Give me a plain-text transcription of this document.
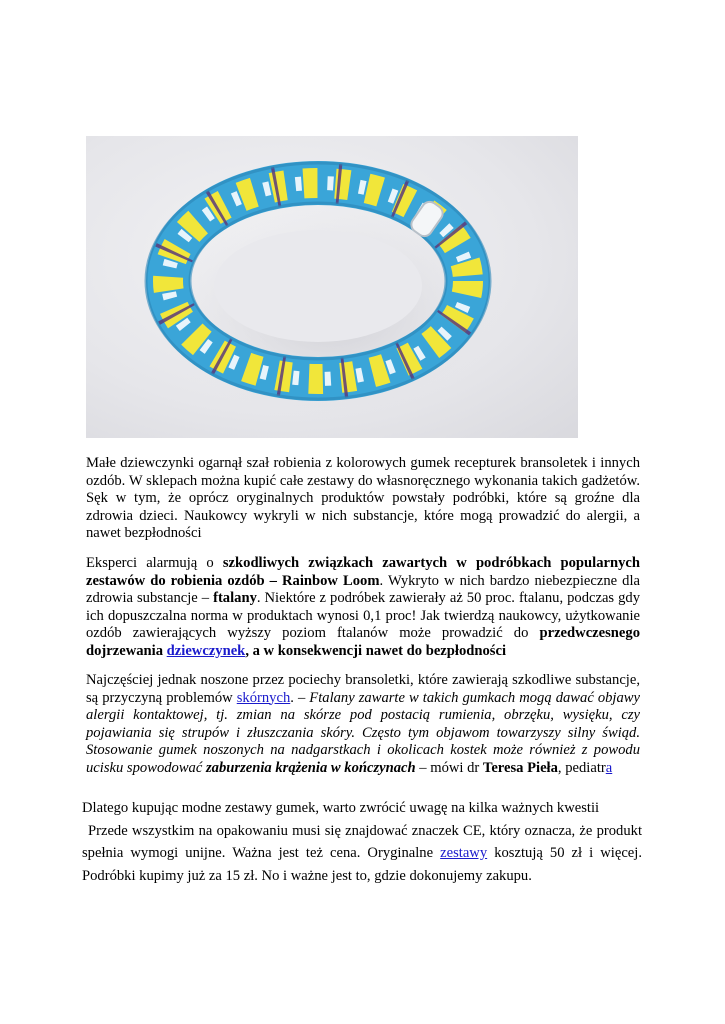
Małe dziewczynki ogarnął szał robienia z kolorowych gumek recepturek bransoletek i innych ozdób. W sklepach można kupić całe zestawy do własnoręcznego wykonania takich gadżetów. Sęk w tym, że oprócz oryginalnych produktów powstały podróbki, które są groźne dla zdrowia dzieci. Naukowcy wykryli w nich substancje, które mogą prowadzić do alergii, a nawet bezpłodności

Eksperci alarmują o szkodliwych związkach zawartych w podróbkach popularnych zestawów do robienia ozdób – Rainbow Loom. Wykryto w nich bardzo niebezpieczne dla zdrowia substancje – ftalany. Niektóre z podróbek zawierały aż 50 proc. ftalanu, podczas gdy ich dopuszczalna norma w produktach wynosi 0,1 proc! Jak twierdzą naukowcy, użytkowanie ozdób zawierających wyższy poziom ftalanów może prowadzić do przedwczesnego dojrzewania dziewczynek, a w konsekwencji nawet do bezpłodności

Najczęściej jednak noszone przez pociechy bransoletki, które zawierają szkodliwe substancje, są przyczyną problemów skórnych. – Ftalany zawarte w takich gumkach mogą dawać objawy alergii kontaktowej, tj. zmian na skórze pod postacią rumienia, obrzęku, wysięku, czy pojawiania się strupów i złuszczania skóry. Często tym objawom towarzyszy silny świąd. Stosowanie gumek noszonych na nadgarstkach i okolicach kostek może również z powodu ucisku spowodować zaburzenia krążenia w kończynach – mówi dr Teresa Pieła, pediatra

Dlatego kupując modne zestawy gumek, warto zwrócić uwagę na kilka ważnych kwestii
Przede wszystkim na opakowaniu musi się znajdować znaczek CE, który oznacza, że produkt spełnia wymogi unijne. Ważna jest też cena. Oryginalne zestawy kosztują 50 zł i więcej. Podróbki kupimy już za 15 zł. No i ważne jest to, gdzie dokonujemy zakupu.
